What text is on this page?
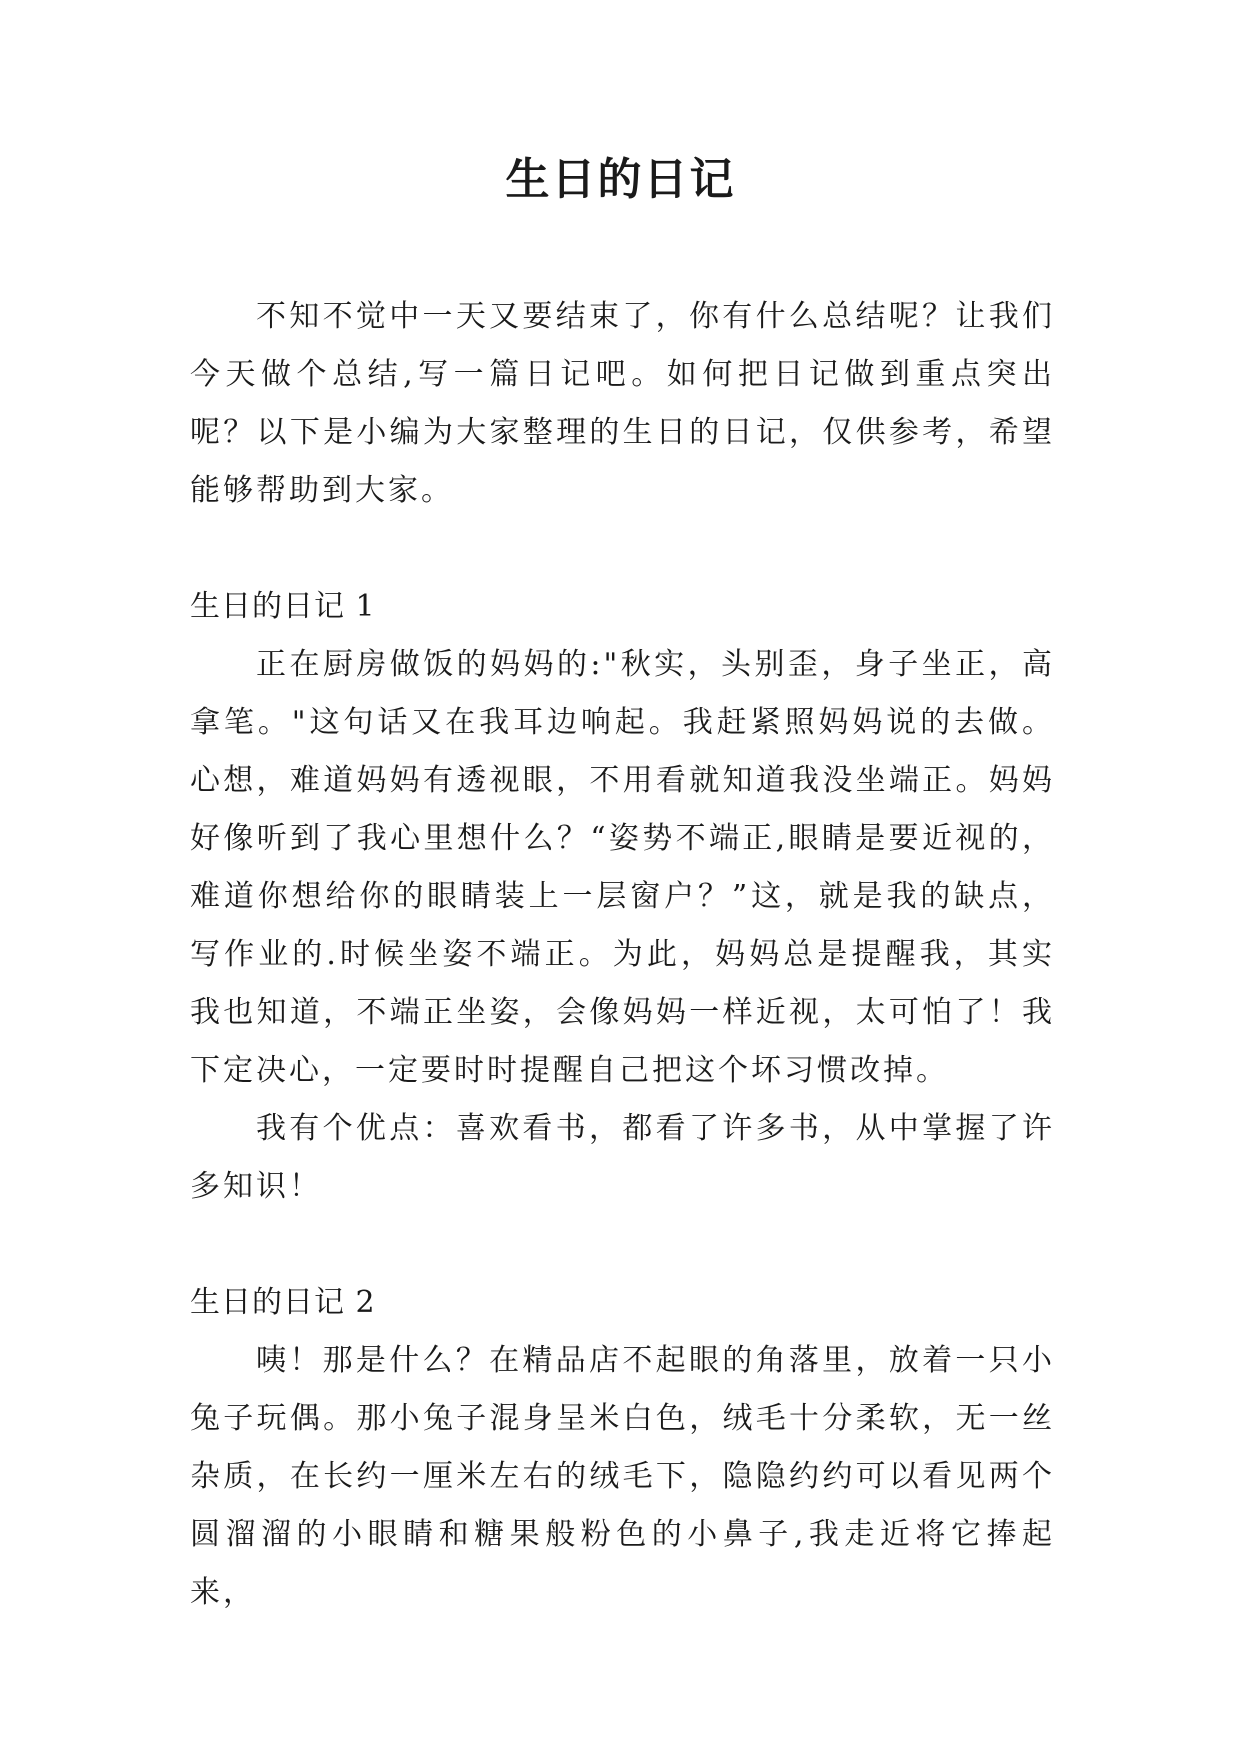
生日的日记

不知不觉中一天又要结束了，你有什么总结呢？让我们今天做个总结,写一篇日记吧。如何把日记做到重点突出呢？以下是小编为大家整理的生日的日记，仅供参考，希望能够帮助到大家。

生日的日记 1

正在厨房做饭的妈妈的:"秋实，头别歪，身子坐正，高拿笔。"这句话又在我耳边响起。我赶紧照妈妈说的去做。心想，难道妈妈有透视眼，不用看就知道我没坐端正。妈妈好像听到了我心里想什么？“姿势不端正,眼睛是要近视的，难道你想给你的眼睛装上一层窗户？”这，就是我的缺点，写作业的.时候坐姿不端正。为此，妈妈总是提醒我，其实我也知道，不端正坐姿，会像妈妈一样近视，太可怕了！我下定决心，一定要时时提醒自己把这个坏习惯改掉。

我有个优点：喜欢看书，都看了许多书，从中掌握了许多知识！

生日的日记 2

咦！那是什么？在精品店不起眼的角落里，放着一只小兔子玩偶。那小兔子混身呈米白色，绒毛十分柔软，无一丝杂质，在长约一厘米左右的绒毛下，隐隐约约可以看见两个圆溜溜的小眼睛和糖果般粉色的小鼻子,我走近将它捧起来，
